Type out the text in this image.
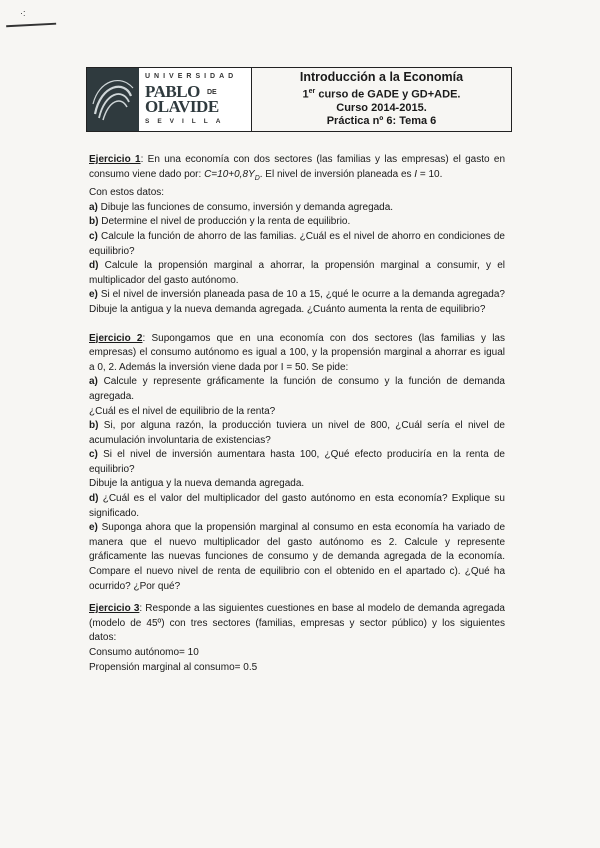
·:
UNIVERSIDAD
PABLO DE
OLAVIDE
SEVILLA
Introducción a la Economía
1er curso de GADE y GD+ADE.
Curso 2014-2015.
Práctica nº 6: Tema 6

Ejercicio 1: En una economía con dos sectores (las familias y las empresas) el gasto en consumo viene dado por: $C=10+0,8Y_D$. El nivel de inversión planeada es I = 10.

Con estos datos:

a) Dibuje las funciones de consumo, inversión y demanda agregada.

b) Determine el nivel de producción y la renta de equilibrio.

c) Calcule la función de ahorro de las familias. ¿Cuál es el nivel de ahorro en condiciones de equilibrio?

d) Calcule la propensión marginal a ahorrar, la propensión marginal a consumir, y el multiplicador del gasto autónomo.

e) Si el nivel de inversión planeada pasa de 10 a 15, ¿qué le ocurre a la demanda agregada? Dibuje la antigua y la nueva demanda agregada. ¿Cuánto aumenta la renta de equilibrio?

Ejercicio 2: Supongamos que en una economía con dos sectores (las familias y las empresas) el consumo autónomo es igual a 100, y la propensión marginal a ahorrar es igual a 0, 2. Además la inversión viene dada por I = 50. Se pide:

a) Calcule y represente gráficamente la función de consumo y la función de demanda agregada.

¿Cuál es el nivel de equilibrio de la renta?

b) Si, por alguna razón, la producción tuviera un nivel de 800, ¿Cuál sería el nivel de acumulación involuntaria de existencias?

c) Si el nivel de inversión aumentara hasta 100, ¿Qué efecto produciría en la renta de equilibrio?

Dibuje la antigua y la nueva demanda agregada.

d) ¿Cuál es el valor del multiplicador del gasto autónomo en esta economía? Explique su significado.

e) Suponga ahora que la propensión marginal al consumo en esta economía ha variado de manera que el nuevo multiplicador del gasto autónomo es 2. Calcule y represente gráficamente las nuevas funciones de consumo y de demanda agregada de la economía. Compare el nuevo nivel de renta de equilibrio con el obtenido en el apartado c). ¿Qué ha ocurrido? ¿Por qué?

Ejercicio 3: Responde a las siguientes cuestiones en base al modelo de demanda agregada (modelo de 45º) con tres sectores (familias, empresas y sector público) y los siguientes datos:

Consumo autónomo= 10

Propensión marginal al consumo= 0.5
